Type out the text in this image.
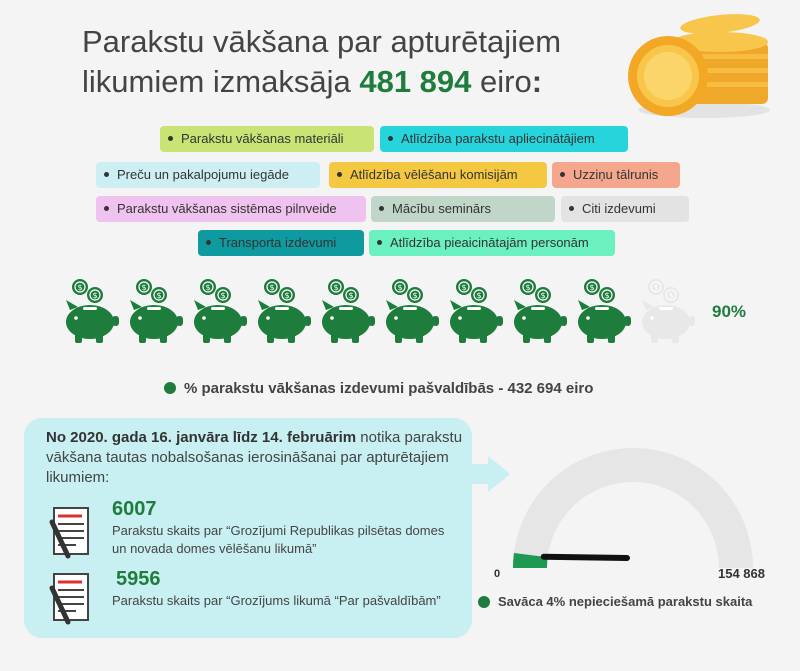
Parakstu vākšana par apturētajiem
likumiem izmaksāja 481 894 eiro:
Parakstu vākšanas materiāli	Atlīdzība parakstu apliecinātājiem
Preču un pakalpojumu iegāde	Atlīdzība vēlēšanu komisijām	Uzziņu tālrunis
Parakstu vākšanas sistēmas pilnveide	Mācību seminārs	Citi izdevumi
Transporta izdevumi	Atlīdzība pieaicinātajām personām
$
$
$
$
$
$
$
$
$
$
$
$
$
$
$
$
$
$
$
$
90%
% parakstu vākšanas izdevumi pašvaldībās - 432 694 eiro
No 2020. gada 16. janvāra līdz 14. februārim notika parakstu vākšana tautas nobalsošanas ierosināšanai par apturētajiem likumiem:
6007
Parakstu skaits par “Grozījumi Republikas pilsētas domes un novada domes vēlēšanu likumā”
5956
Parakstu skaits par “Grozījums likumā “Par pašvaldībām”
0	154 868
Savāca 4% nepieciešamā parakstu skaita
